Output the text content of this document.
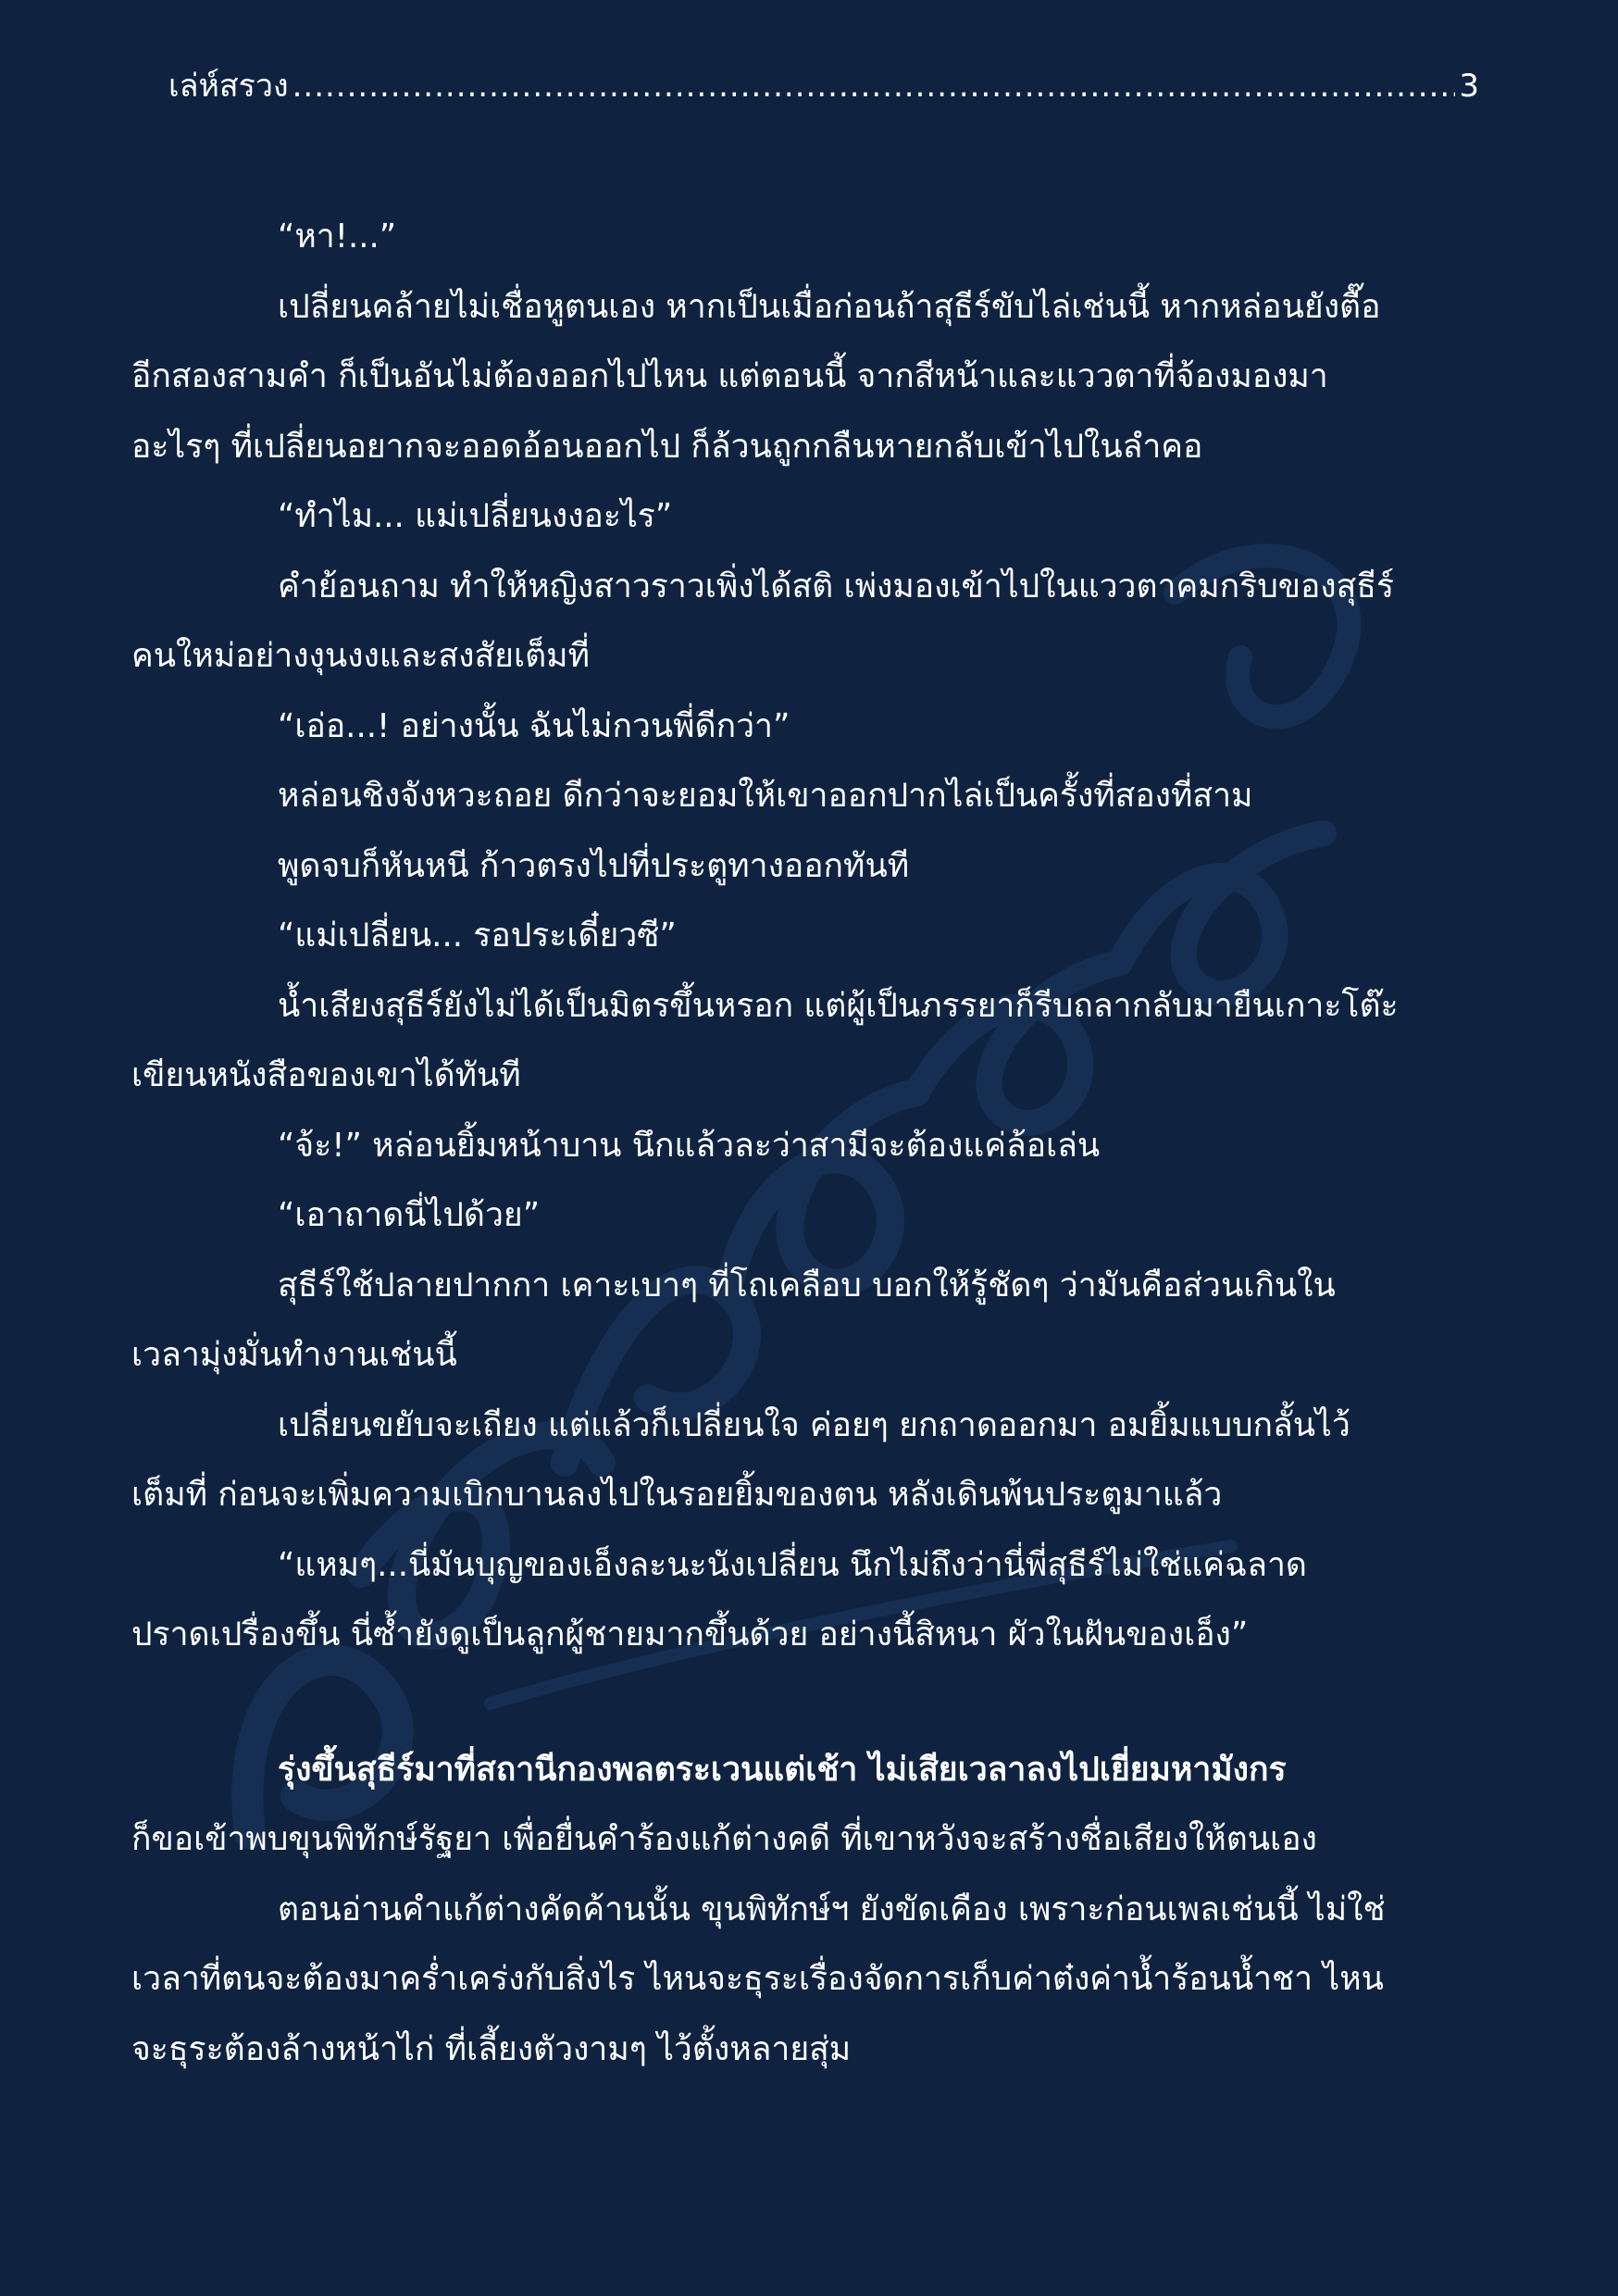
เล่ห์สรวง
.....	3

“หา!...”

เปลี่ยนคล้ายไม่เชื่อหูตนเอง หากเป็นเมื่อก่อนถ้าสุธีร์ขับไล่เช่นนี้ หากหล่อนยังตื๊อ

อีกสองสามคำ ก็เป็นอันไม่ต้องออกไปไหน แต่ตอนนี้ จากสีหน้าและแววตาที่จ้องมองมา

อะไรๆ ที่เปลี่ยนอยากจะออดอ้อนออกไป ก็ล้วนถูกกลืนหายกลับเข้าไปในลำคอ

“ทำไม... แม่เปลี่ยนงงอะไร”

คำย้อนถาม ทำให้หญิงสาวราวเพิ่งได้สติ เพ่งมองเข้าไปในแววตาคมกริบของสุธีร์

คนใหม่อย่างงุนงงและสงสัยเต็มที่

“เอ่อ...! อย่างนั้น ฉันไม่กวนพี่ดีกว่า”

หล่อนชิงจังหวะถอย ดีกว่าจะยอมให้เขาออกปากไล่เป็นครั้งที่สองที่สาม

พูดจบก็หันหนี ก้าวตรงไปที่ประตูทางออกทันที

“แม่เปลี่ยน... รอประเดี๋ยวซี”

น้ำเสียงสุธีร์ยังไม่ได้เป็นมิตรขึ้นหรอก แต่ผู้เป็นภรรยาก็รีบถลากลับมายืนเกาะโต๊ะ

เขียนหนังสือของเขาได้ทันที

“จ้ะ!” หล่อนยิ้มหน้าบาน นึกแล้วละว่าสามีจะต้องแค่ล้อเล่น

“เอาถาดนี่ไปด้วย”

สุธีร์ใช้ปลายปากกา เคาะเบาๆ ที่โถเคลือบ บอกให้รู้ชัดๆ ว่ามันคือส่วนเกินใน

เวลามุ่งมั่นทำงานเช่นนี้

เปลี่ยนขยับจะเถียง แต่แล้วก็เปลี่ยนใจ ค่อยๆ ยกถาดออกมา อมยิ้มแบบกลั้นไว้

เต็มที่ ก่อนจะเพิ่มความเบิกบานลงไปในรอยยิ้มของตน หลังเดินพ้นประตูมาแล้ว

“แหมๆ...นี่มันบุญของเอ็งละนะนังเปลี่ยน นึกไม่ถึงว่านี่พี่สุธีร์ไม่ใช่แค่ฉลาด

ปราดเปรื่องขึ้น นี่ซ้ำยังดูเป็นลูกผู้ชายมากขึ้นด้วย อย่างนี้สิหนา ผัวในฝันของเอ็ง”

รุ่งขึ้นสุธีร์มาที่สถานีกองพลตระเวนแต่เช้า ไม่เสียเวลาลงไปเยี่ยมหามังกร

ก็ขอเข้าพบขุนพิทักษ์รัฐยา เพื่อยื่นคำร้องแก้ต่างคดี ที่เขาหวังจะสร้างชื่อเสียงให้ตนเอง

ตอนอ่านคำแก้ต่างคัดค้านนั้น ขุนพิทักษ์ฯ ยังขัดเคือง เพราะก่อนเพลเช่นนี้ ไม่ใช่

เวลาที่ตนจะต้องมาคร่ำเคร่งกับสิ่งไร ไหนจะธุระเรื่องจัดการเก็บค่าต๋งค่าน้ำร้อนน้ำชา ไหน

จะธุระต้องล้างหน้าไก่ ที่เลี้ยงตัวงามๆ ไว้ตั้งหลายสุ่ม
